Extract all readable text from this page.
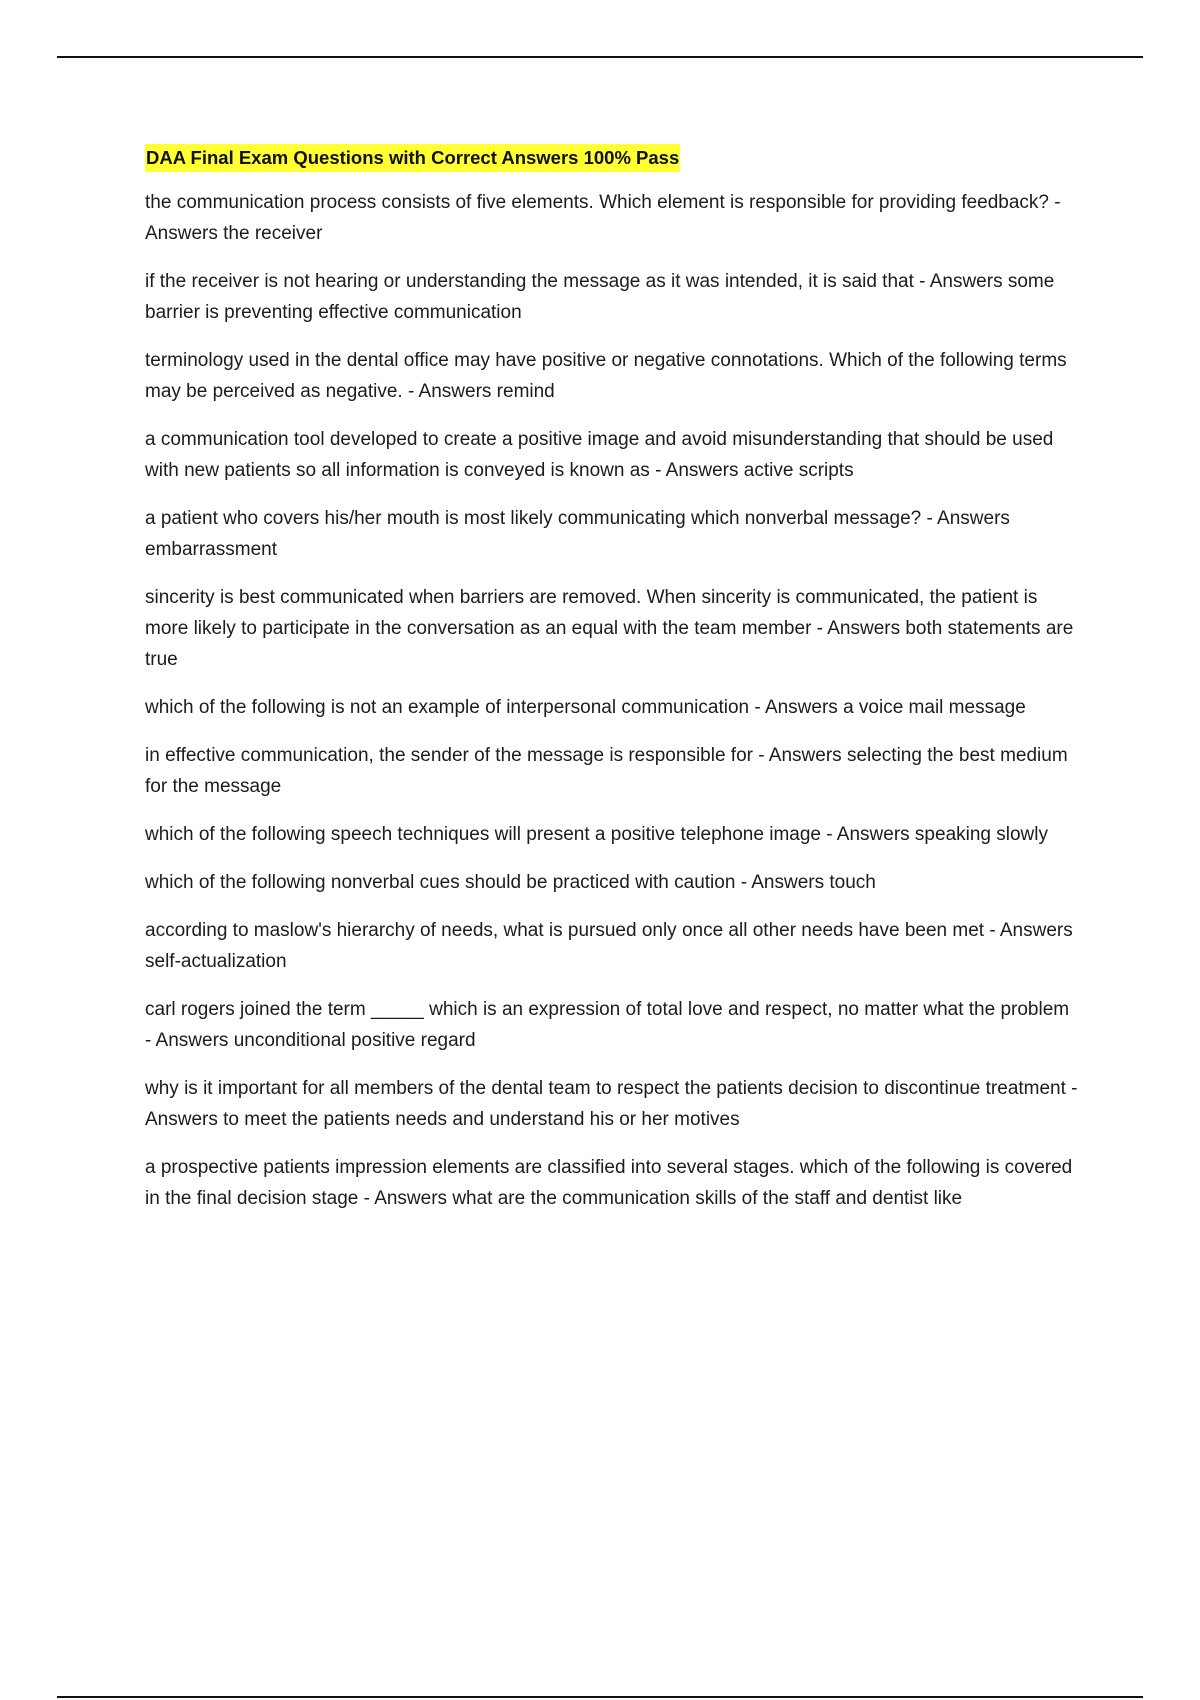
DAA Final Exam Questions with Correct Answers 100% Pass

the communication process consists of five elements. Which element is responsible for providing feedback? - Answers the receiver

if the receiver is not hearing or understanding the message as it was intended, it is said that - Answers some barrier is preventing effective communication

terminology used in the dental office may have positive or negative connotations. Which of the following terms may be perceived as negative. - Answers remind

a communication tool developed to create a positive image and avoid misunderstanding that should be used with new patients so all information is conveyed is known as - Answers active scripts

a patient who covers his/her mouth is most likely communicating which nonverbal message? - Answers embarrassment

sincerity is best communicated when barriers are removed. When sincerity is communicated, the patient is more likely to participate in the conversation as an equal with the team member - Answers both statements are true

which of the following is not an example of interpersonal communication - Answers a voice mail message

in effective communication, the sender of the message is responsible for - Answers selecting the best medium for the message

which of the following speech techniques will present a positive telephone image - Answers speaking slowly

which of the following nonverbal cues should be practiced with caution - Answers touch

according to maslow's hierarchy of needs, what is pursued only once all other needs have been met - Answers self-actualization

carl rogers joined the term _____ which is an expression of total love and respect, no matter what the problem - Answers unconditional positive regard

why is it important for all members of the dental team to respect the patients decision to discontinue treatment - Answers to meet the patients needs and understand his or her motives

a prospective patients impression elements are classified into several stages. which of the following is covered in the final decision stage - Answers what are the communication skills of the staff and dentist like
